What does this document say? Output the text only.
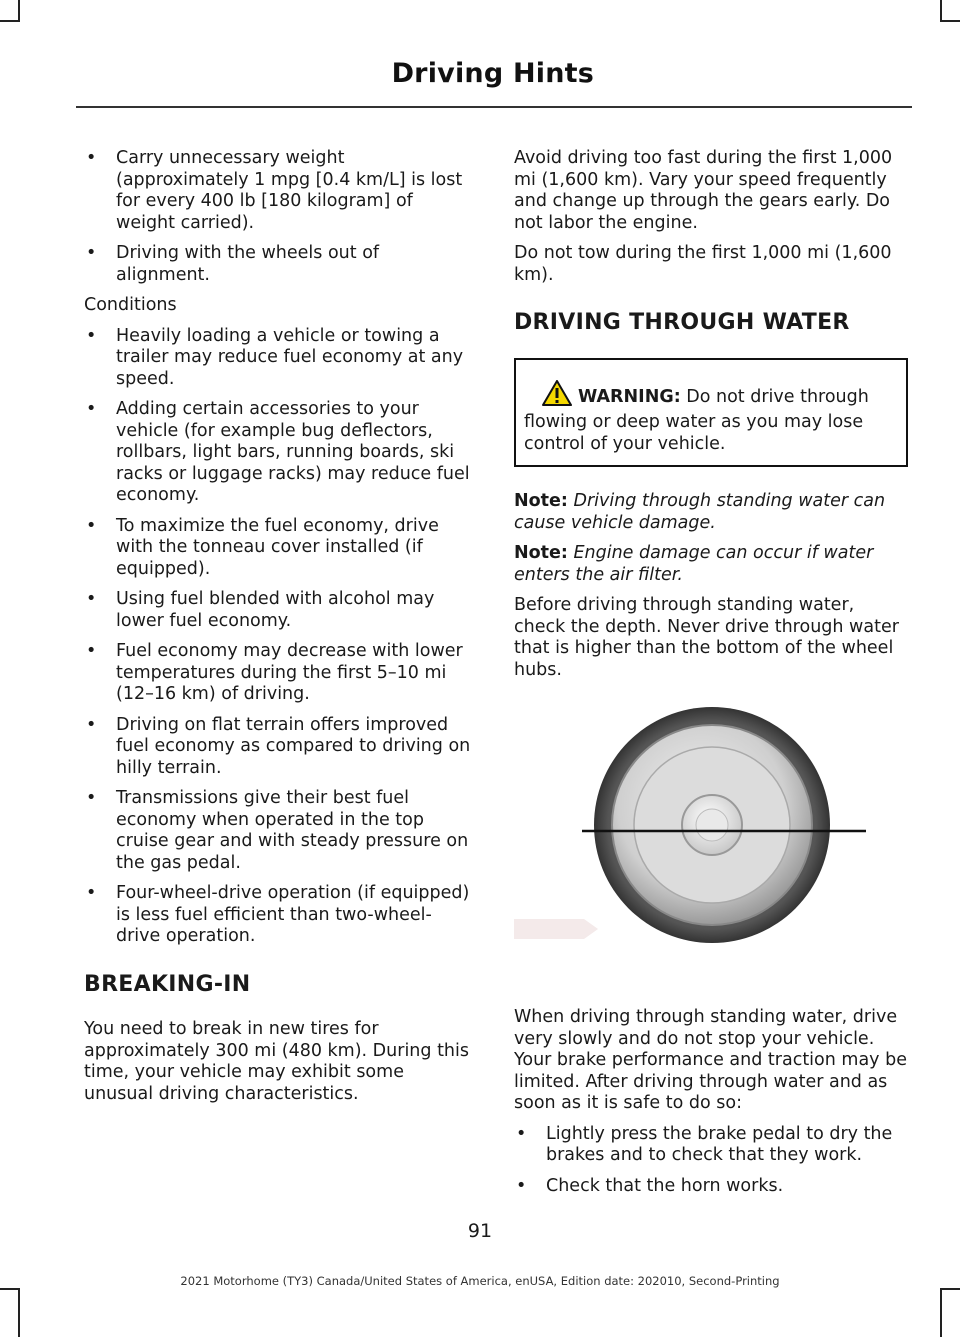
Driving Hints
• Carry unnecessary weight (approximately 1 mpg [0.4 km/L] is lost for every 400 lb [180 kilogram] of weight carried).
• Driving with the wheels out of alignment.

Conditions

• Heavily loading a vehicle or towing a trailer may reduce fuel economy at any speed.
• Adding certain accessories to your vehicle (for example bug deflectors, rollbars, light bars, running boards, ski racks or luggage racks) may reduce fuel economy.
• To maximize the fuel economy, drive with the tonneau cover installed (if equipped).
• Using fuel blended with alcohol may lower fuel economy.
• Fuel economy may decrease with lower temperatures during the first 5–10 mi (12–16 km) of driving.
• Driving on flat terrain offers improved fuel economy as compared to driving on hilly terrain.
• Transmissions give their best fuel economy when operated in the top cruise gear and with steady pressure on the gas pedal.
• Four-wheel-drive operation (if equipped) is less fuel efficient than two-wheel-drive operation.
BREAKING-IN

You need to break in new tires for approximately 300 mi (480 km). During this time, your vehicle may exhibit some unusual driving characteristics.

Avoid driving too fast during the first 1,000 mi (1,600 km). Vary your speed frequently and change up through the gears early. Do not labor the engine.

Do not tow during the first 1,000 mi (1,600 km).

DRIVING THROUGH WATER
WARNING: Do not drive through flowing or deep water as you may lose control of your vehicle.

Note: Driving through standing water can cause vehicle damage.

Note: Engine damage can occur if water enters the air filter.

Before driving through standing water, check the depth. Never drive through water that is higher than the bottom of the wheel hubs.

When driving through standing water, drive very slowly and do not stop your vehicle. Your brake performance and traction may be limited. After driving through water and as soon as it is safe to do so:

• Lightly press the brake pedal to dry the brakes and to check that they work.
• Check that the horn works.
91
2021 Motorhome (TY3) Canada/United States of America, enUSA, Edition date: 202010, Second-Printing
